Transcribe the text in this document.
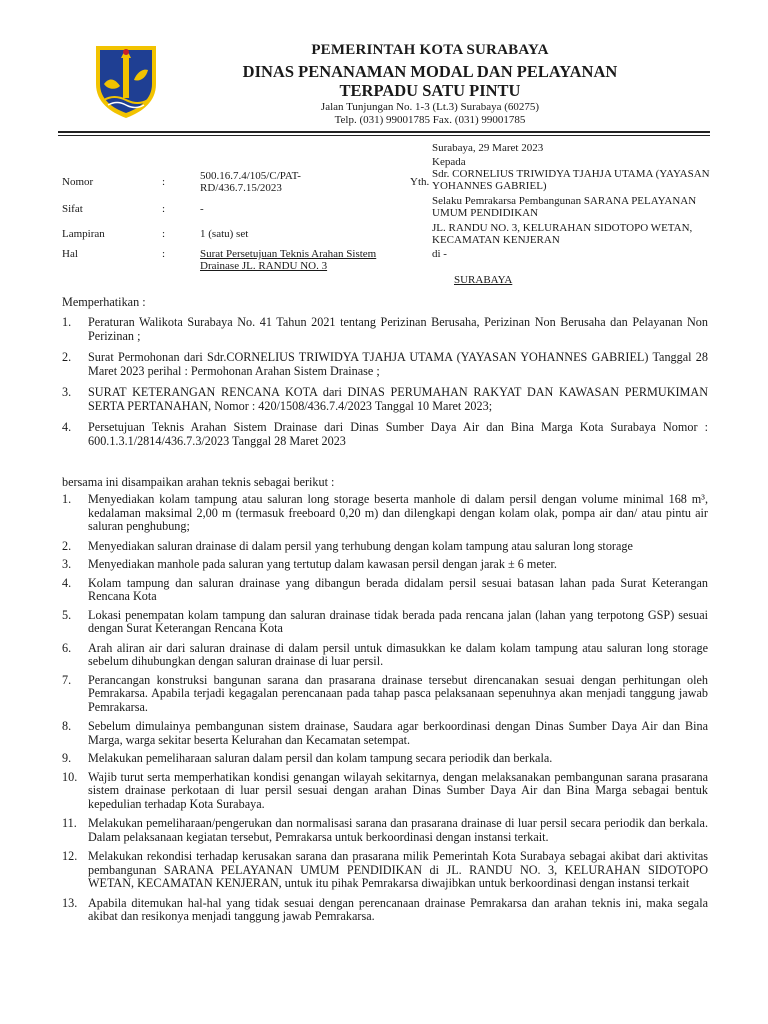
PEMERINTAH KOTA SURABAYA
DINAS PENANAMAN MODAL DAN PELAYANAN
TERPADU SATU PINTU
Jalan Tunjungan No. 1-3 (Lt.3) Surabaya (60275)
Telp. (031) 99001785 Fax. (031) 99001785
Nomor	:	500.16.7.4/105/C/PAT-RD/436.7.15/2023
Sifat	:	-
Lampiran	:	1 (satu) set
Hal	:	Surat Persetujuan Teknis Arahan Sistem Drainase JL. RANDU NO. 3
Surabaya, 29 Maret 2023
Kepada
Yth.
Sdr. CORNELIUS TRIWIDYA TJAHJA UTAMA (YAYASAN YOHANNES GABRIEL)
Selaku Pemrakarsa Pembangunan SARANA PELAYANAN UMUM PENDIDIKAN
JL. RANDU NO. 3, KELURAHAN SIDOTOPO WETAN, KECAMATAN KENJERAN
di -
SURABAYA
Memperhatikan :
1. Peraturan Walikota Surabaya No. 41 Tahun 2021 tentang Perizinan Berusaha, Perizinan Non Berusaha dan Pelayanan Non Perizinan ;
2. Surat Permohonan dari Sdr.CORNELIUS TRIWIDYA TJAHJA UTAMA (YAYASAN YOHANNES GABRIEL) Tanggal 28 Maret 2023 perihal : Permohonan Arahan Sistem Drainase ;
3. SURAT KETERANGAN RENCANA KOTA dari DINAS PERUMAHAN RAKYAT DAN KAWASAN PERMUKIMAN SERTA PERTANAHAN, Nomor : 420/1508/436.7.4/2023 Tanggal 10 Maret 2023;
4. Persetujuan Teknis Arahan Sistem Drainase dari Dinas Sumber Daya Air dan Bina Marga Kota Surabaya Nomor : 600.1.3.1/2814/436.7.3/2023 Tanggal 28 Maret 2023
bersama ini disampaikan arahan teknis sebagai berikut :
1. Menyediakan kolam tampung atau saluran long storage beserta manhole di dalam persil dengan volume minimal 168 m³, kedalaman maksimal 2,00 m (termasuk freeboard 0,20 m) dan dilengkapi dengan kolam olak, pompa air dan/ atau pintu air saluran penghubung;
2. Menyediakan saluran drainase di dalam persil yang terhubung dengan kolam tampung atau saluran long storage
3. Menyediakan manhole pada saluran yang tertutup dalam kawasan persil dengan jarak ± 6 meter.
4. Kolam tampung dan saluran drainase yang dibangun berada didalam persil sesuai batasan lahan pada Surat Keterangan Rencana Kota
5. Lokasi penempatan kolam tampung dan saluran drainase tidak berada pada rencana jalan (lahan yang terpotong GSP) sesuai dengan Surat Keterangan Rencana Kota
6. Arah aliran air dari saluran drainase di dalam persil untuk dimasukkan ke dalam kolam tampung atau saluran long storage sebelum dihubungkan dengan saluran drainase di luar persil.
7. Perancangan konstruksi bangunan sarana dan prasarana drainase tersebut direncanakan sesuai dengan perhitungan oleh Pemrakarsa. Apabila terjadi kegagalan perencanaan pada tahap pasca pelaksanaan sepenuhnya akan menjadi tanggung jawab Pemrakarsa.
8. Sebelum dimulainya pembangunan sistem drainase, Saudara agar berkoordinasi dengan Dinas Sumber Daya Air dan Bina Marga, warga sekitar beserta Kelurahan dan Kecamatan setempat.
9. Melakukan pemeliharaan saluran dalam persil dan kolam tampung secara periodik dan berkala.
10. Wajib turut serta memperhatikan kondisi genangan wilayah sekitarnya, dengan melaksanakan pembangunan sarana prasarana sistem drainase perkotaan di luar persil sesuai dengan arahan Dinas Sumber Daya Air dan Bina Marga sebagai bentuk kepedulian terhadap Kota Surabaya.
11. Melakukan pemeliharaan/pengerukan dan normalisasi sarana dan prasarana drainase di luar persil secara periodik dan berkala. Dalam pelaksanaan kegiatan tersebut, Pemrakarsa untuk berkoordinasi dengan instansi terkait.
12. Melakukan rekondisi terhadap kerusakan sarana dan prasarana milik Pemerintah Kota Surabaya sebagai akibat dari aktivitas pembangunan SARANA PELAYANAN UMUM PENDIDIKAN di JL. RANDU NO. 3, KELURAHAN SIDOTOPO WETAN, KECAMATAN KENJERAN, untuk itu pihak Pemrakarsa diwajibkan untuk berkoordinasi dengan instansi terkait
13. Apabila ditemukan hal-hal yang tidak sesuai dengan perencanaan drainase Pemrakarsa dan arahan teknis ini, maka segala akibat dan resikonya menjadi tanggung jawab Pemrakarsa.
